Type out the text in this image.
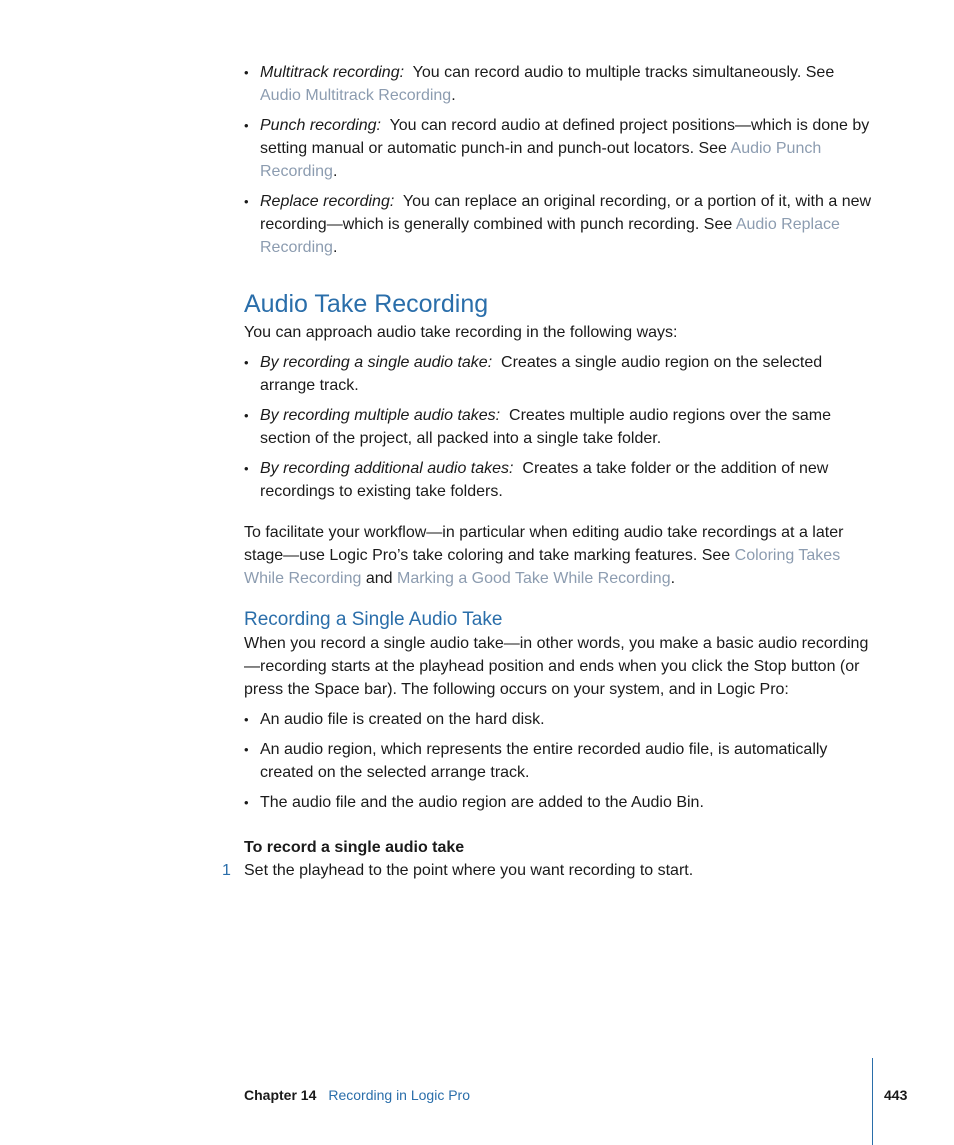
• Multitrack recording: You can record audio to multiple tracks simultaneously. See Audio Multitrack Recording.
• Punch recording: You can record audio at defined project positions—which is done by setting manual or automatic punch-in and punch-out locators. See Audio Punch Recording.
• Replace recording: You can replace an original recording, or a portion of it, with a new recording—which is generally combined with punch recording. See Audio Replace Recording.
Audio Take Recording

You can approach audio take recording in the following ways:

• By recording a single audio take: Creates a single audio region on the selected arrange track.
• By recording multiple audio takes: Creates multiple audio regions over the same section of the project, all packed into a single take folder.
• By recording additional audio takes: Creates a take folder or the addition of new recordings to existing take folders.

To facilitate your workflow—in particular when editing audio take recordings at a later stage—use Logic Pro’s take coloring and take marking features. See Coloring Takes While Recording and Marking a Good Take While Recording.

Recording a Single Audio Take

When you record a single audio take—in other words, you make a basic audio recording—recording starts at the playhead position and ends when you click the Stop button (or press the Space bar). The following occurs on your system, and in Logic Pro:

• An audio file is created on the hard disk.
• An audio region, which represents the entire recorded audio file, is automatically created on the selected arrange track.
• The audio file and the audio region are added to the Audio Bin.
To record a single audio take
1 Set the playhead to the point where you want recording to start.
Chapter 14 Recording in Logic Pro	443
